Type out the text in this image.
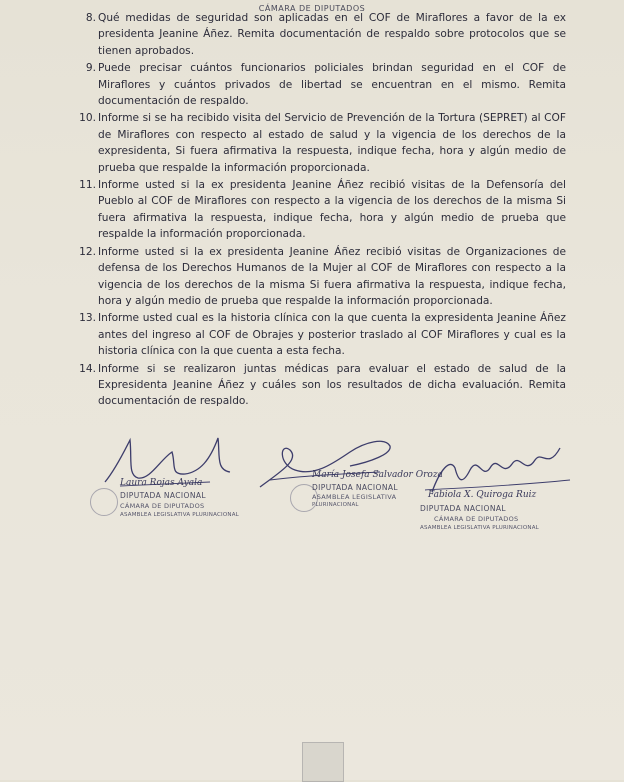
CÁMARA DE DIPUTADOS
8. Qué medidas de seguridad son aplicadas en el COF de Miraflores a favor de la ex presidenta Jeanine Áñez. Remita documentación de respaldo sobre protocolos que se tienen aprobados.
9. Puede precisar cuántos funcionarios policiales brindan seguridad en el COF de Miraflores y cuántos privados de libertad se encuentran en el mismo. Remita documentación de respaldo.
10. Informe si se ha recibido visita del Servicio de Prevención de la Tortura (SEPRET) al COF de Miraflores con respecto al estado de salud y la vigencia de los derechos de la expresidenta, Si fuera afirmativa la respuesta, indique fecha, hora y algún medio de prueba que respalde la información proporcionada.
11. Informe usted si la ex presidenta Jeanine Áñez recibió visitas de la Defensoría del Pueblo al COF de Miraflores con respecto a la vigencia de los derechos de la misma Si fuera afirmativa la respuesta, indique fecha, hora y algún medio de prueba que respalde la información proporcionada.
12. Informe usted si la ex presidenta Jeanine Áñez recibió visitas de Organizaciones de defensa de los Derechos Humanos de la Mujer al COF de Miraflores con respecto a la vigencia de los derechos de la misma Si fuera afirmativa la respuesta, indique fecha, hora y algún medio de prueba que respalde la información proporcionada.
13. Informe usted cual es la historia clínica con la que cuenta la expresidenta Jeanine Áñez antes del ingreso al COF de Obrajes y posterior traslado al COF Miraflores y cual es la historia clínica con la que cuenta a esta fecha.
14. Informe si se realizaron juntas médicas para evaluar el estado de salud de la Expresidenta Jeanine Áñez y cuáles son los resultados de dicha evaluación. Remita documentación de respaldo.
Laura Rojas Ayala
DIPUTADA NACIONAL
CÁMARA DE DIPUTADOS
ASAMBLEA LEGISLATIVA PLURINACIONAL
María Josefa Salvador Oroza
DIPUTADA NACIONAL
ASAMBLEA LEGISLATIVA
PLURINACIONAL
Fabiola X. Quiroga Ruiz
DIPUTADA NACIONAL
CÁMARA DE DIPUTADOS
ASAMBLEA LEGISLATIVA PLURINACIONAL
